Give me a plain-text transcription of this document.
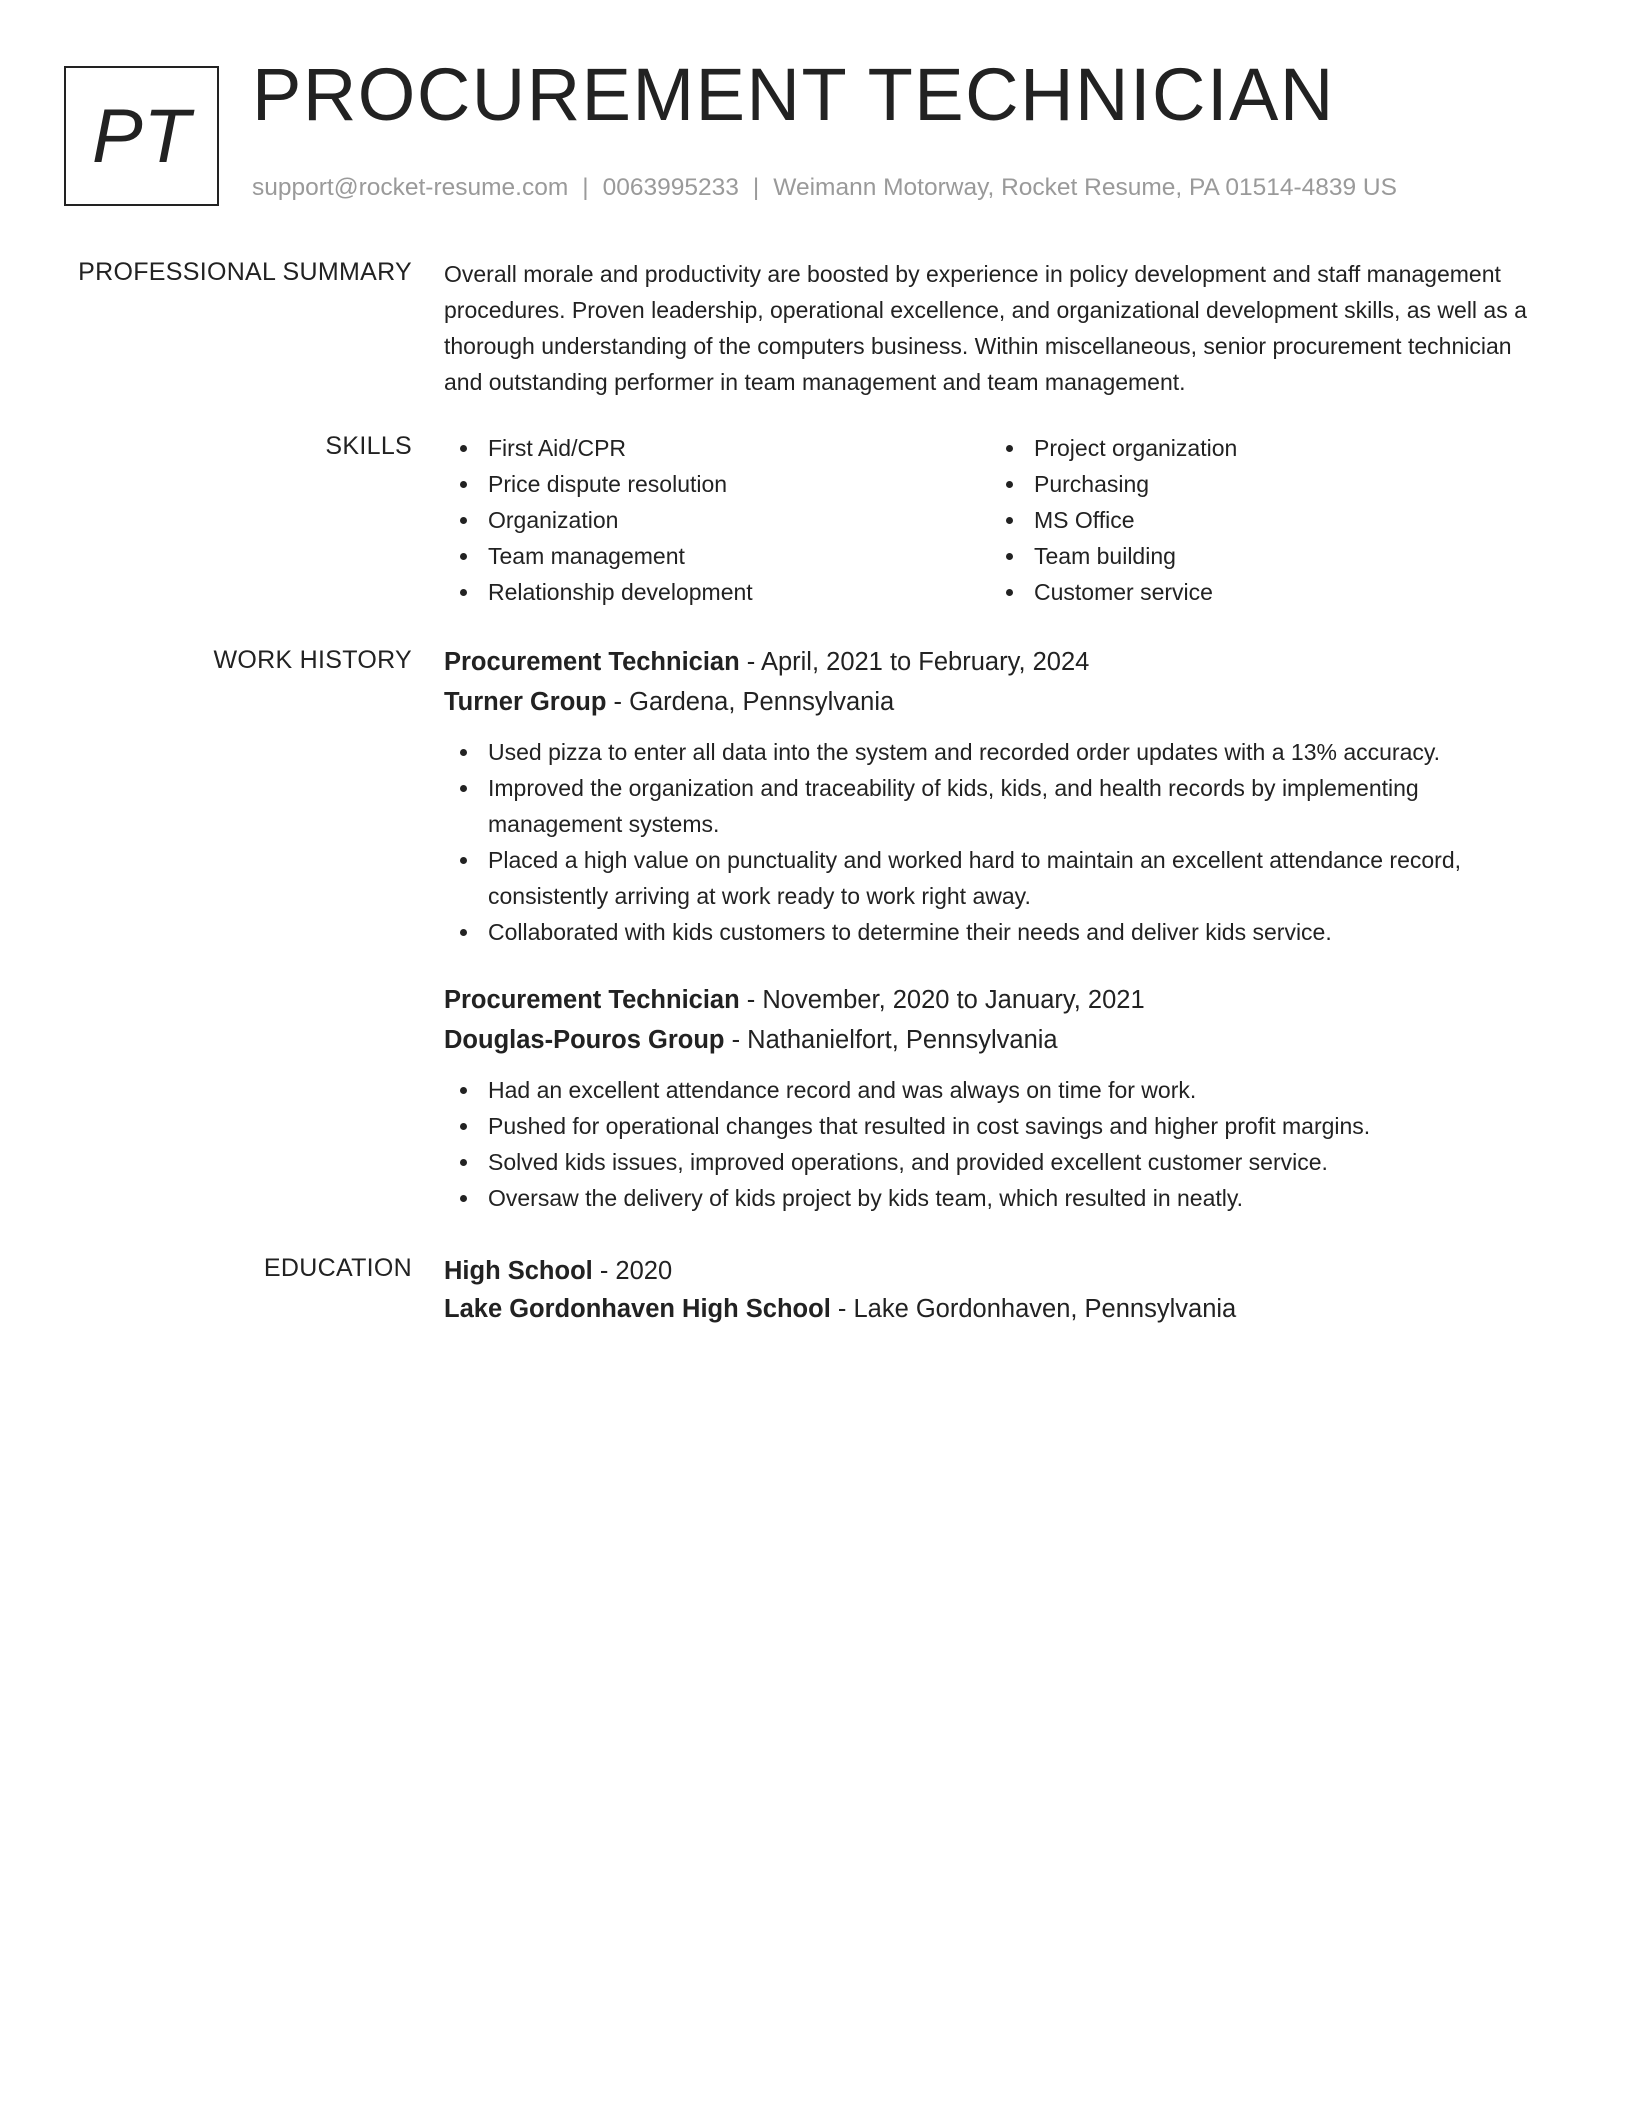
PT PROCUREMENT TECHNICIAN
support@rocket-resume.com | 0063995233 | Weimann Motorway, Rocket Resume, PA 01514-4839 US
PROFESSIONAL SUMMARY Overall morale and productivity are boosted by experience in policy development and staff management procedures. Proven leadership, operational excellence, and organizational development skills, as well as a thorough understanding of the computers business. Within miscellaneous, senior procurement technician and outstanding performer in team management and team management.

SKILLS	First Aid/CPR
Price dispute resolution
Organization
Team management
Relationship development
Project organization
Purchasing
MS Office
Team building
Customer service
WORK HISTORY Procurement Technician - April, 2021 to February, 2024
Turner Group - Gardena, Pennsylvania
Used pizza to enter all data into the system and recorded order updates with a 13% accuracy.
Improved the organization and traceability of kids, kids, and health records by implementing management systems.
Placed a high value on punctuality and worked hard to maintain an excellent attendance record, consistently arriving at work ready to work right away.
Collaborated with kids customers to determine their needs and deliver kids service.
Procurement Technician - November, 2020 to January, 2021
Douglas-Pouros Group - Nathanielfort, Pennsylvania
Had an excellent attendance record and was always on time for work.
Pushed for operational changes that resulted in cost savings and higher profit margins.
Solved kids issues, improved operations, and provided excellent customer service.
Oversaw the delivery of kids project by kids team, which resulted in neatly.
EDUCATION High School - 2020
Lake Gordonhaven High School - Lake Gordonhaven, Pennsylvania
